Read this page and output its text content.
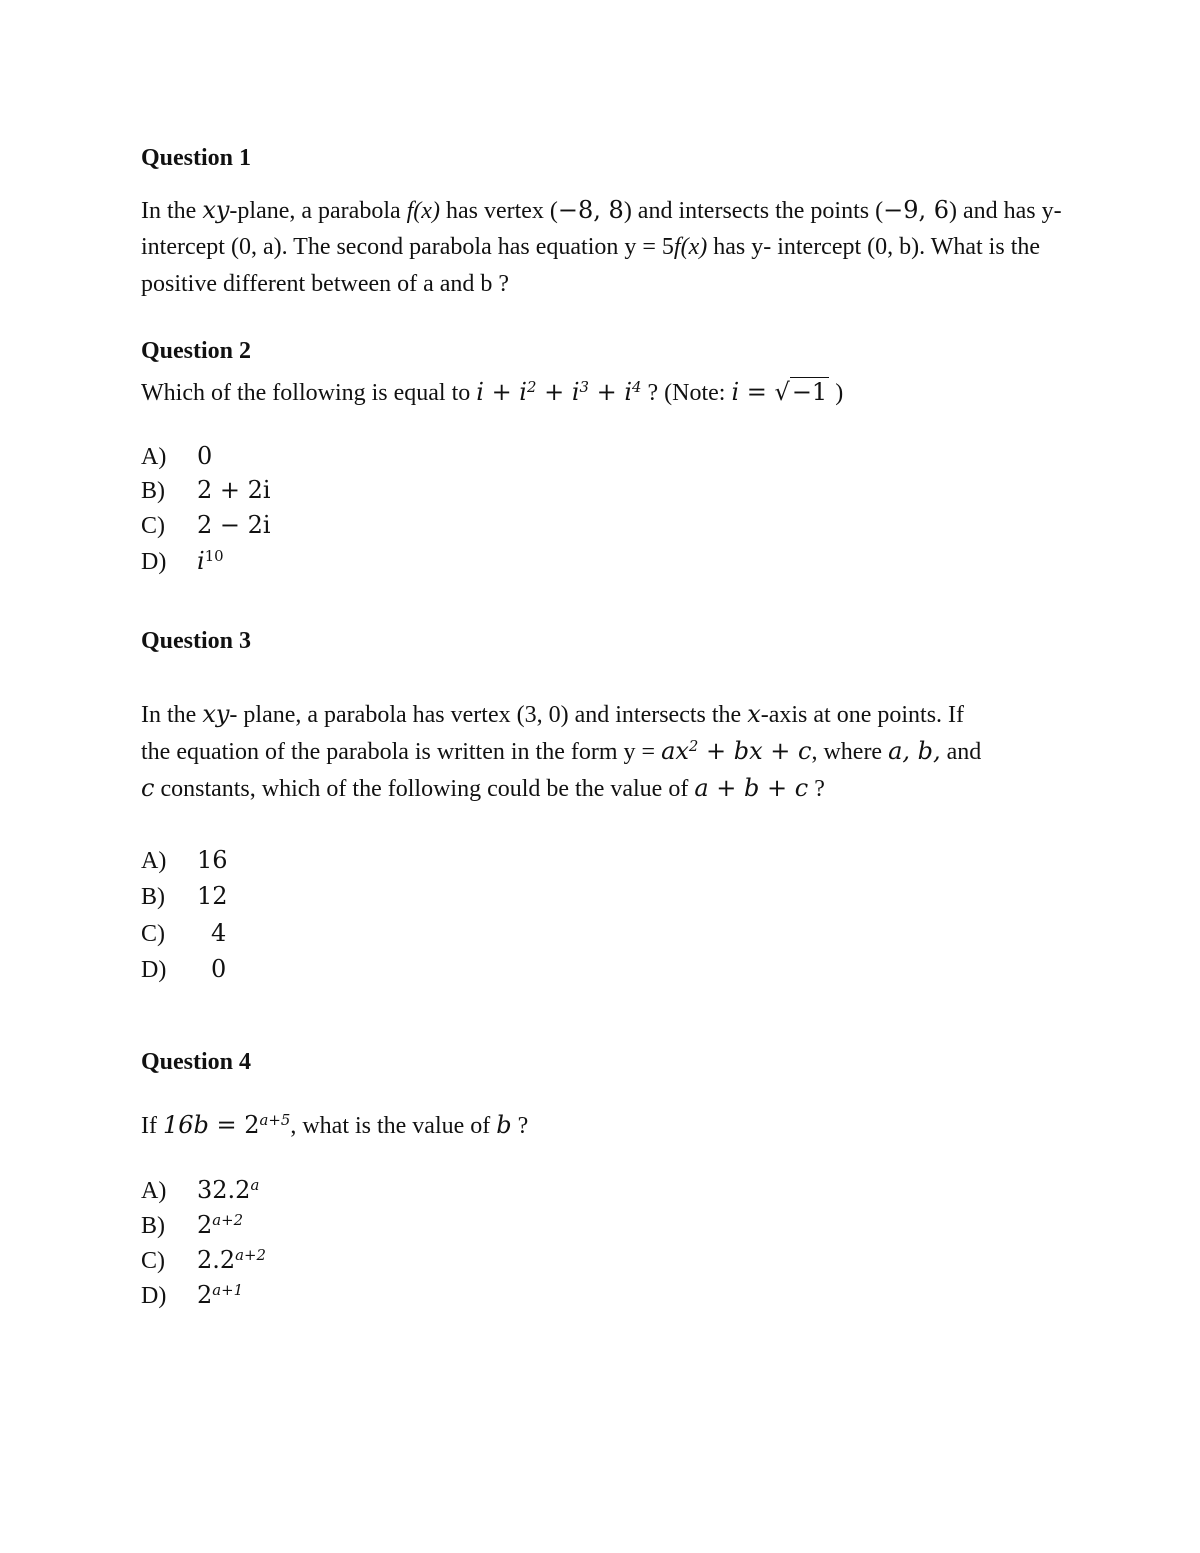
Question 1
In the xy-plane, a parabola f(x) has vertex (−8, 8) and intersects the points (−9, 6) and has y-
intercept (0, a). The second parabola has equation y = 5f(x) has y- intercept (0, b). What is the
positive different between of a and b ?
Question 2
Which of the following is equal to $i + i^2 + i^3 + i^4$ ? (Note: i = √−1 )
A) 0
B) 2 + 2i
C) 2 − 2i
D) $i^{10}$
Question 3
In the xy- plane, a parabola has vertex (3, 0) and intersects the x-axis at one points. If
the equation of the parabola is written in the form $y = ax^2$ + bx + c, where a, b, and
c constants, which of the following could be the value of a + b + c ?
A) 16
B) 12
C) 4
D) 0
Question 4
If $16b = 2^{a+5}$, what is the value of b ?
A) 32.2$^a$
B) $2^{a+2}$
C) $2.2^{a+2}$
D) $2^{a+1}$
